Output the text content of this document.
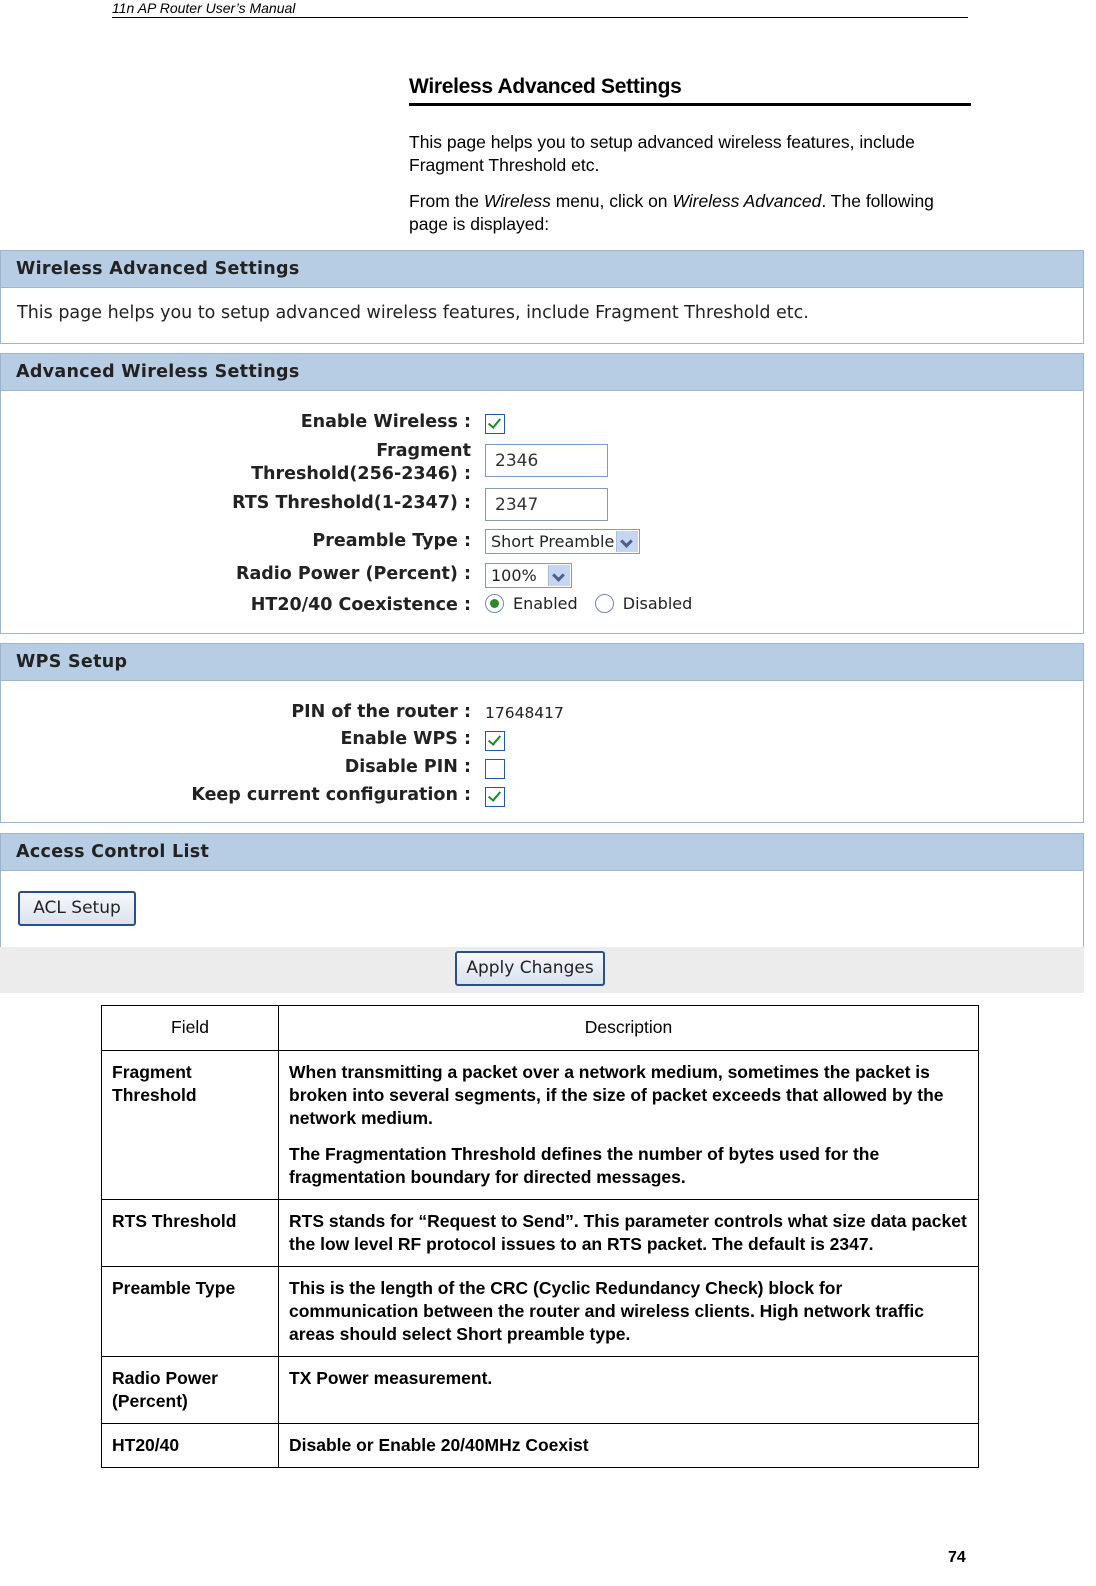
11n AP Router User’s Manual
Wireless Advanced Settings
This page helps you to setup advanced wireless features, include Fragment Threshold etc.
From the Wireless menu, click on Wireless Advanced. The following page is displayed:
Wireless Advanced Settings
This page helps you to setup advanced wireless features, include Fragment Threshold etc.
Advanced Wireless Settings
Enable Wireless :
Fragment
Threshold(256-2346) :
2346
RTS Threshold(1-2347) :	2347
Preamble Type :	Short Preamble
Radio Power (Percent) :	100%
HT20/40 Coexistence :	Enabled	Disabled
WPS Setup
PIN of the router : 17648417
Enable WPS :
Disable PIN :
Keep current configuration :
Access Control List
ACL Setup
Apply Changes
Field	Description
Fragment Threshold	When transmitting a packet over a network medium, sometimes the packet is broken into several segments, if the size of packet exceeds that allowed by the network medium.

The Fragmentation Threshold defines the number of bytes used for the fragmentation boundary for directed messages.

RTS Threshold	RTS stands for “Request to Send”. This parameter controls what size data packet the low level RF protocol issues to an RTS packet. The default is 2347.
Preamble Type	This is the length of the CRC (Cyclic Redundancy Check) block for communication between the router and wireless clients. High network traffic areas should select Short preamble type.
Radio Power (Percent)	TX Power measurement.
HT20/40	Disable or Enable 20/40MHz Coexist
74
